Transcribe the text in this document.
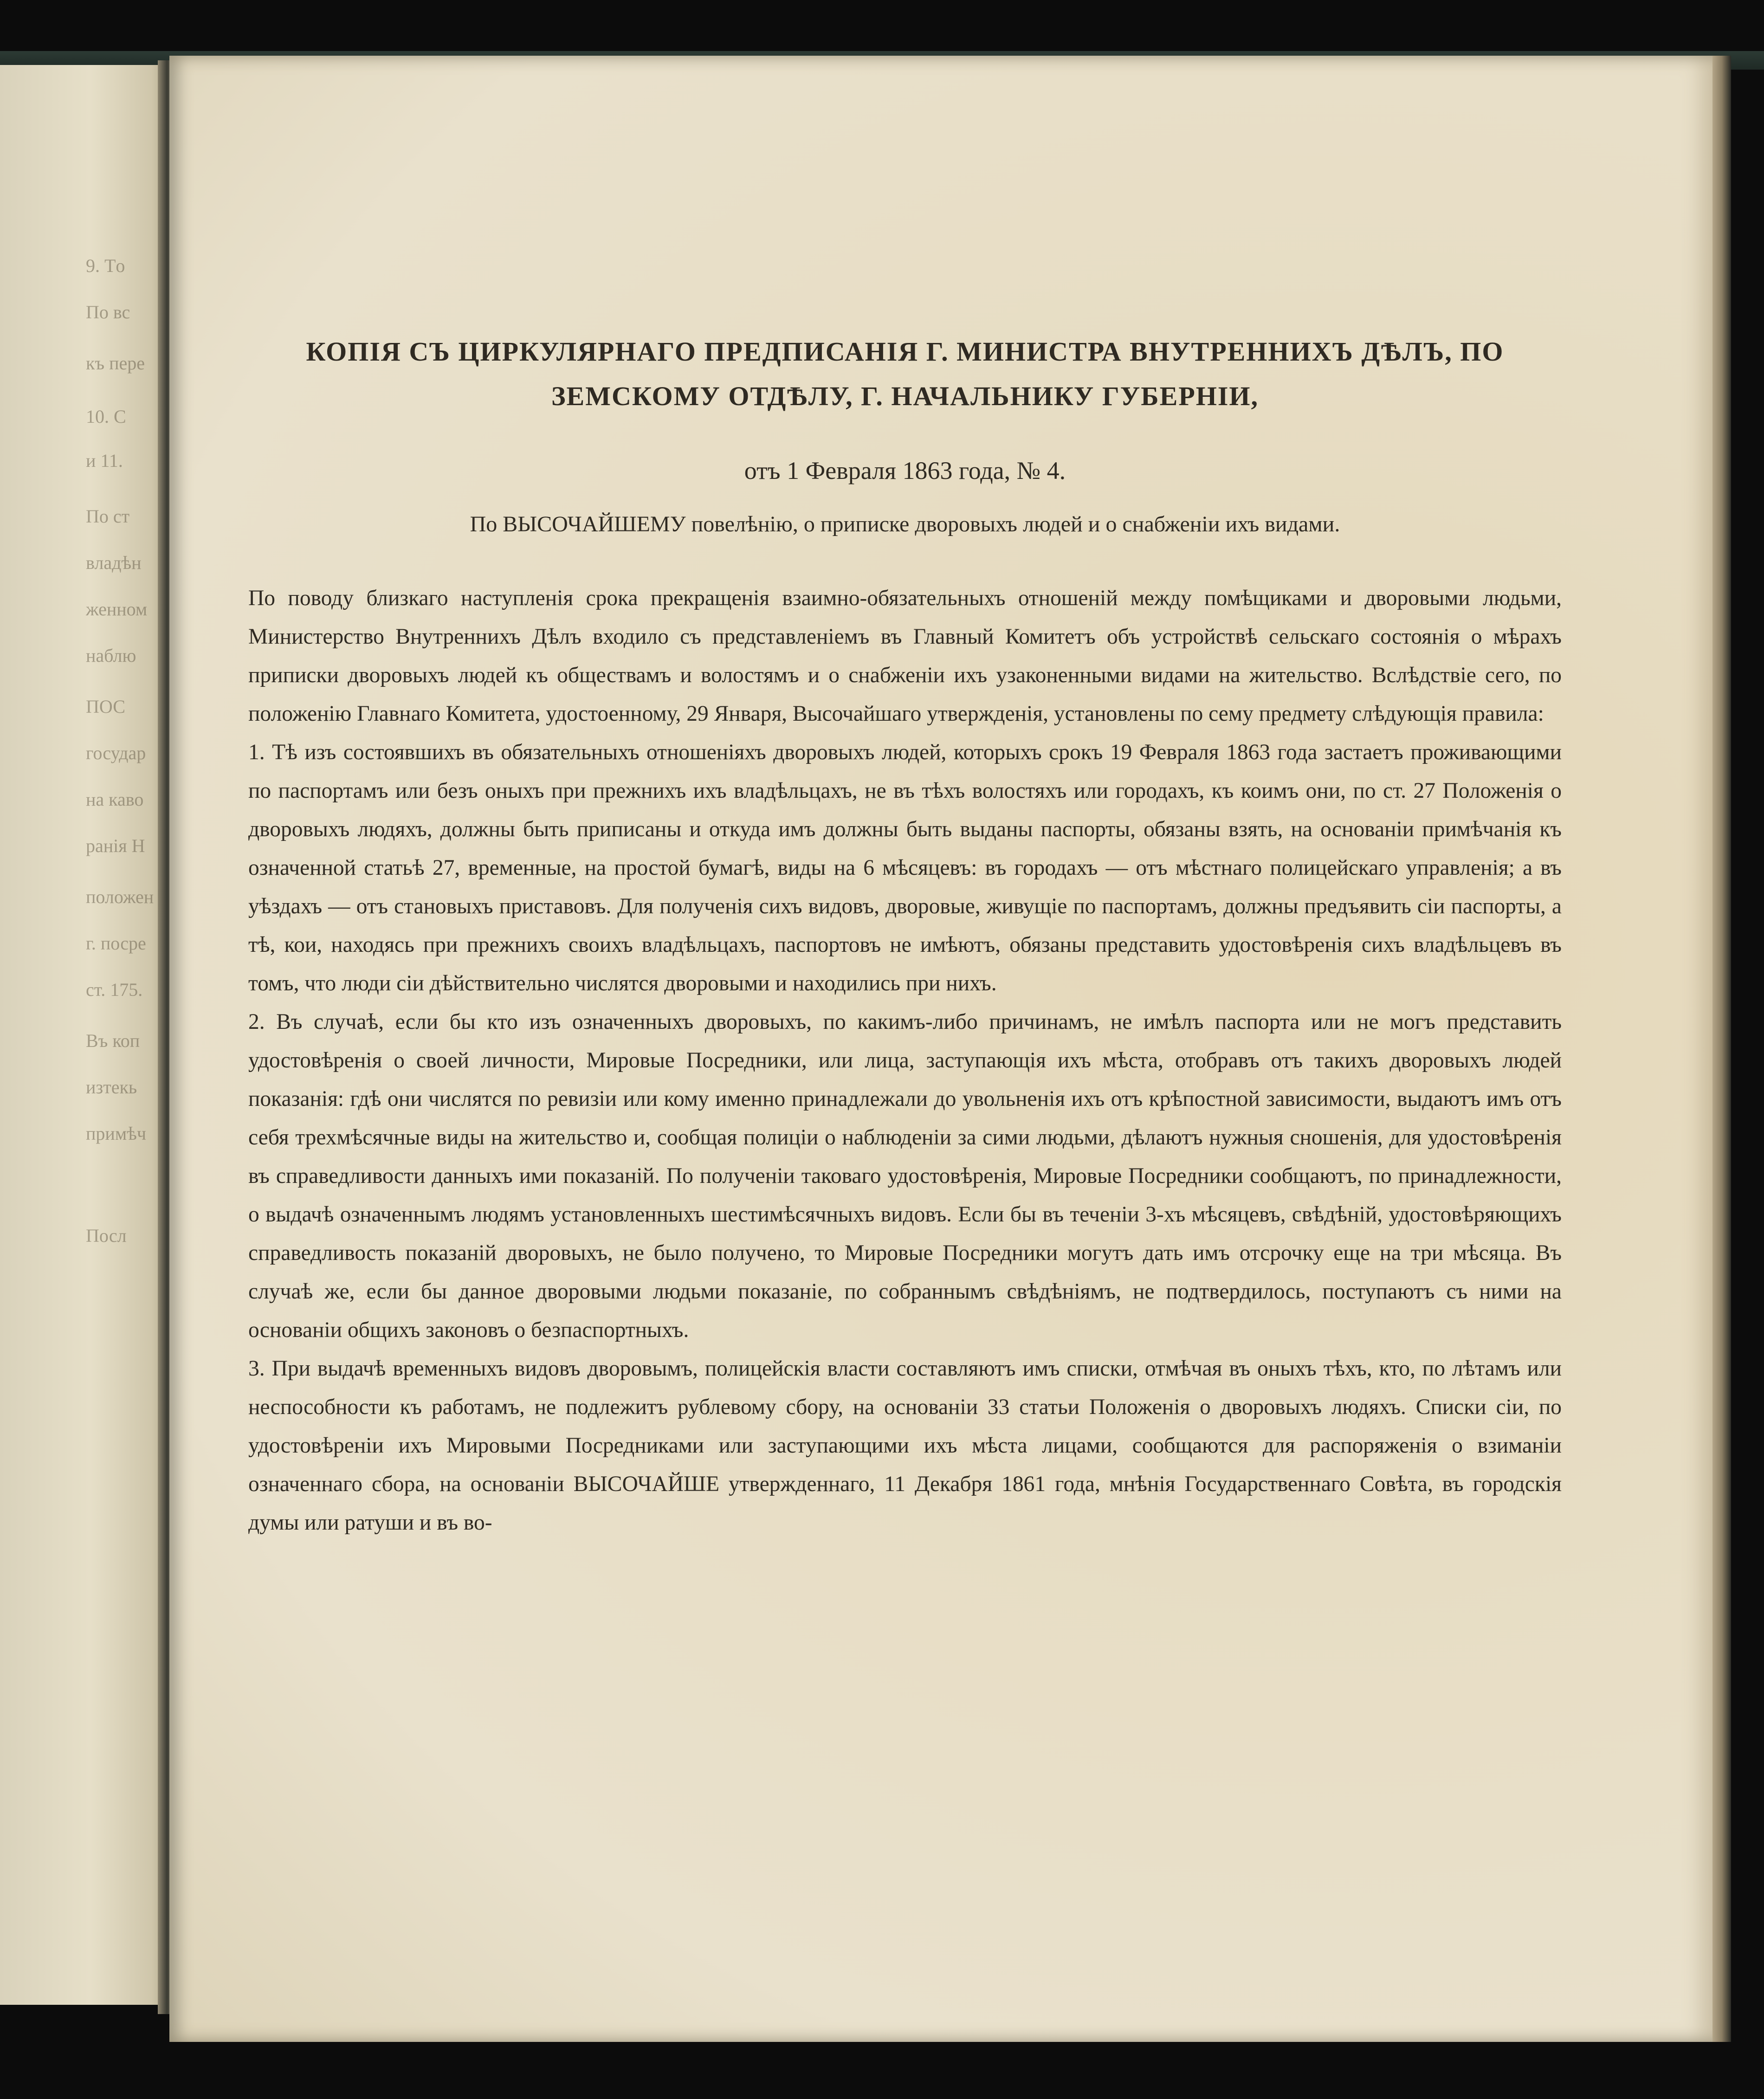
9. Тo
По вс
къ пере
10. С
и 11.
По ст
владѣн
женном
наблю
ПОС
государ
на каво
ранiя Н
положен
г. посре
ст. 175.
Въ коп
изтекь
примѣч
Посл
КОПIЯ СЪ ЦИРКУЛЯРНАГО ПРЕДПИСАНIЯ Г. МИНИСТРА ВНУТРЕННИХЪ ДѢЛЪ, ПО ЗЕМСКОМУ ОТДѢЛУ, Г. НАЧАЛЬНИКУ ГУБЕРНIИ,
отъ 1 Февраля 1863 года, № 4.
По ВЫСОЧАЙШЕМУ повелѣнiю, о приписке дворовыхъ людей и о снабженiи ихъ видами.

По поводу близкаго наступленiя срока прекращенiя взаимно-обязательныхъ отношенiй между помѣщиками и дворовыми людьми, Министерство Внутреннихъ Дѣлъ входило съ представленiемъ въ Главный Комитетъ объ устройствѣ сельскаго состоянiя о мѣрахъ приписки дворовыхъ людей къ обществамъ и волостямъ и о снабженiи ихъ узаконенными видами на жительство. Вслѣдствiе сего, по положенiю Главнаго Комитета, удостоенному, 29 Января, Высочайшаго утвержденiя, установлены по сему предмету слѣдующiя правила:

1. Тѣ изъ состоявшихъ въ обязательныхъ отношенiяхъ дворовыхъ людей, которыхъ срокъ 19 Февраля 1863 года застаетъ проживающими по паспортамъ или безъ оныхъ при прежнихъ ихъ владѣльцахъ, не въ тѣхъ волостяхъ или городахъ, къ коимъ они, по ст. 27 Положенiя о дворовыхъ людяхъ, должны быть приписаны и откуда имъ должны быть выданы паспорты, обязаны взять, на основанiи примѣчанiя къ означенной статьѣ 27, временные, на простой бумагѣ, виды на 6 мѣсяцевъ: въ городахъ — отъ мѣстнаго полицейскаго управленiя; а въ уѣздахъ — отъ становыхъ приставовъ. Для полученiя сихъ видовъ, дворовые, живущiе по паспортамъ, должны предъявить сiи паспорты, а тѣ, кои, находясь при прежнихъ своихъ владѣльцахъ, паспортовъ не имѣютъ, обязаны представить удостовѣренiя сихъ владѣльцевъ въ томъ, что люди сiи дѣйствительно числятся дворовыми и находились при нихъ.

2. Въ случаѣ, если бы кто изъ означенныхъ дворовыхъ, по какимъ-либо причинамъ, не имѣлъ паспорта или не могъ представить удостовѣренiя о своей личности, Мировые Посредники, или лица, заступающiя ихъ мѣста, отобравъ отъ такихъ дворовыхъ людей показанiя: гдѣ они числятся по ревизiи или кому именно принадлежали до увольненiя ихъ отъ крѣпостной зависимости, выдаютъ имъ отъ себя трехмѣсячные виды на жительство и, сообщая полицiи о наблюденiи за сими людьми, дѣлаютъ нужныя сношенiя, для удостовѣренiя въ справедливости данныхъ ими показанiй. По полученiи таковаго удостовѣренiя, Мировые Посредники сообщаютъ, по принадлежности, о выдачѣ означеннымъ людямъ установленныхъ шестимѣсячныхъ видовъ. Если бы въ теченiи 3-хъ мѣсяцевъ, свѣдѣнiй, удостовѣряющихъ справедливость показанiй дворовыхъ, не было получено, то Мировые Посредники могутъ дать имъ отсрочку еще на три мѣсяца. Въ случаѣ же, если бы данное дворовыми людьми показанiе, по собраннымъ свѣдѣнiямъ, не подтвердилось, поступаютъ съ ними на основанiи общихъ законовъ о безпаспортныхъ.

3. При выдачѣ временныхъ видовъ дворовымъ, полицейскiя власти составляютъ имъ списки, отмѣчая въ оныхъ тѣхъ, кто, по лѣтамъ или неспособности къ работамъ, не подлежитъ рублевому сбору, на основанiи 33 статьи Положенiя о дворовыхъ людяхъ. Списки сiи, по удостовѣренiи ихъ Мировыми Посредниками или заступающими ихъ мѣста лицами, сообщаются для распоряженiя о взиманiи означеннаго сбора, на основанiи ВЫСОЧАЙШЕ утвержденнаго, 11 Декабря 1861 года, мнѣнiя Государственнаго Совѣта, въ городскiя думы или ратуши и въ во-
